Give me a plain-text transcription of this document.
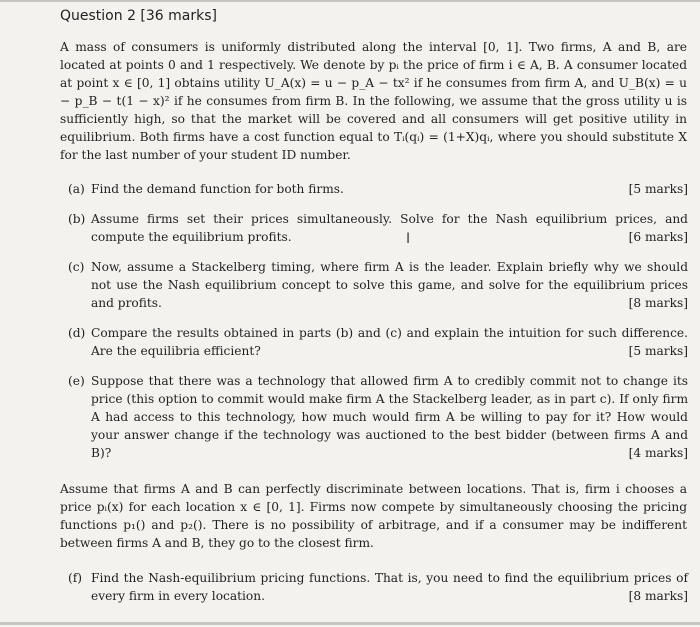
Question 2 [36 marks]
A mass of consumers is uniformly distributed along the interval [0, 1]. Two firms, A and B, are located at points 0 and 1 respectively. We denote by pᵢ the price of firm i ∈ A, B. A consumer located at point x ∈ [0, 1] obtains utility U_A(x) = u − p_A − tx² if he consumes from firm A, and U_B(x) = u − p_B − t(1 − x)² if he consumes from firm B. In the following, we assume that the gross utility u is sufficiently high, so that the market will be covered and all consumers will get positive utility in equilibrium. Both firms have a cost function equal to Tᵢ(qᵢ) = (1+X)qᵢ, where you should substitute X for the last number of your student ID number.
(a)	[5 marks]
Find the demand function for both firms.
(b) Assume firms set their prices simultaneously. Solve for the Nash equilibrium prices, and compute the equilibrium profits.	[6 marks]
(c) Now, assume a Stackelberg timing, where firm A is the leader. Explain briefly why we should not use the Nash equilibrium concept to solve this game, and solve for the equilibrium prices and profits.	[8 marks]
(d) Compare the results obtained in parts (b) and (c) and explain the intuition for such difference. Are the equilibria efficient?	[5 marks]
(e) Suppose that there was a technology that allowed firm A to credibly commit not to change its price (this option to commit would make firm A the Stackelberg leader, as in part c). If only firm A had access to this technology, how much would firm A be willing to pay for it? How would your answer change if the technology was auctioned to the best bidder (between firms A and B)?	[4 marks]
Assume that firms A and B can perfectly discriminate between locations. That is, firm i chooses a price pᵢ(x) for each location x ∈ [0, 1]. Firms now compete by simultaneously choosing the pricing functions p₁() and p₂(). There is no possibility of arbitrage, and if a consumer may be indifferent between firms A and B, they go to the closest firm.
(f) Find the Nash-equilibrium pricing functions. That is, you need to find the equilibrium prices of every firm in every location.	[8 marks]
I
